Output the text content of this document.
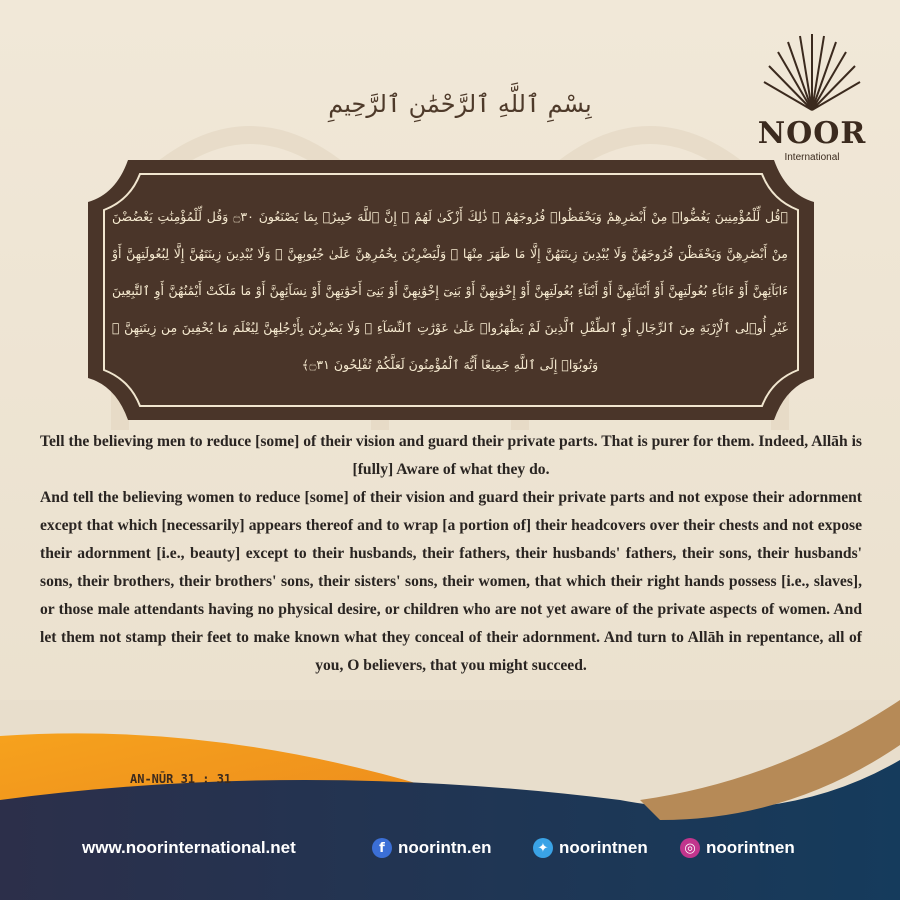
NOOR
International
بِسْمِ ٱللَّهِ ٱلرَّحْمَٰنِ ٱلرَّحِيمِ
﴿قُل لِّلْمُؤْمِنِينَ يَغُضُّوا۟ مِنْ أَبْصَٰرِهِمْ وَيَحْفَظُوا۟ فُرُوجَهُمْ ۚ ذَٰلِكَ أَزْكَىٰ لَهُمْ ۗ إِنَّ ٱللَّهَ خَبِيرٌۢ بِمَا يَصْنَعُونَ ۝٣٠ وَقُل لِّلْمُؤْمِنَٰتِ يَغْضُضْنَ مِنْ أَبْصَٰرِهِنَّ وَيَحْفَظْنَ فُرُوجَهُنَّ وَلَا يُبْدِينَ زِينَتَهُنَّ إِلَّا مَا ظَهَرَ مِنْهَا ۖ وَلْيَضْرِبْنَ بِخُمُرِهِنَّ عَلَىٰ جُيُوبِهِنَّ ۖ وَلَا يُبْدِينَ زِينَتَهُنَّ إِلَّا لِبُعُولَتِهِنَّ أَوْ ءَابَآئِهِنَّ أَوْ ءَابَآءِ بُعُولَتِهِنَّ أَوْ أَبْنَآئِهِنَّ أَوْ أَبْنَآءِ بُعُولَتِهِنَّ أَوْ إِخْوَٰنِهِنَّ أَوْ بَنِىٓ إِخْوَٰنِهِنَّ أَوْ بَنِىٓ أَخَوَٰتِهِنَّ أَوْ نِسَآئِهِنَّ أَوْ مَا مَلَكَتْ أَيْمَٰنُهُنَّ أَوِ ٱلتَّٰبِعِينَ غَيْرِ أُو۟لِى ٱلْإِرْبَةِ مِنَ ٱلرِّجَالِ أَوِ ٱلطِّفْلِ ٱلَّذِينَ لَمْ يَظْهَرُوا۟ عَلَىٰ عَوْرَٰتِ ٱلنِّسَآءِ ۖ وَلَا يَضْرِبْنَ بِأَرْجُلِهِنَّ لِيُعْلَمَ مَا يُخْفِينَ مِن زِينَتِهِنَّ ۚ وَتُوبُوٓا۟ إِلَى ٱللَّهِ جَمِيعًا أَيُّهَ ٱلْمُؤْمِنُونَ لَعَلَّكُمْ تُفْلِحُونَ ۝٣١﴾

Tell the believing men to reduce [some] of their vision and guard their private parts. That is purer for them. Indeed, Allāh is [fully] Aware of what they do.

And tell the believing women to reduce [some] of their vision and guard their private parts and not expose their adornment except that which [necessarily] appears thereof and to wrap [a portion of] their headcovers over their chests and not expose their adornment [i.e., beauty] except to their husbands, their fathers, their husbands' fathers, their sons, their husbands' sons, their brothers, their brothers' sons, their sisters' sons, their women, that which their right hands possess [i.e., slaves], or those male attendants having no physical desire, or children who are not yet aware of the private aspects of women. And let them not stamp their feet to make known what they conceal of their adornment. And turn to Allāh in repentance, all of you, O believers, that you might succeed.

AN-NŪR 31 : 31
www.noorinternational.net	f noorintn.en	✦ noorintnen	◎ noorintnen
